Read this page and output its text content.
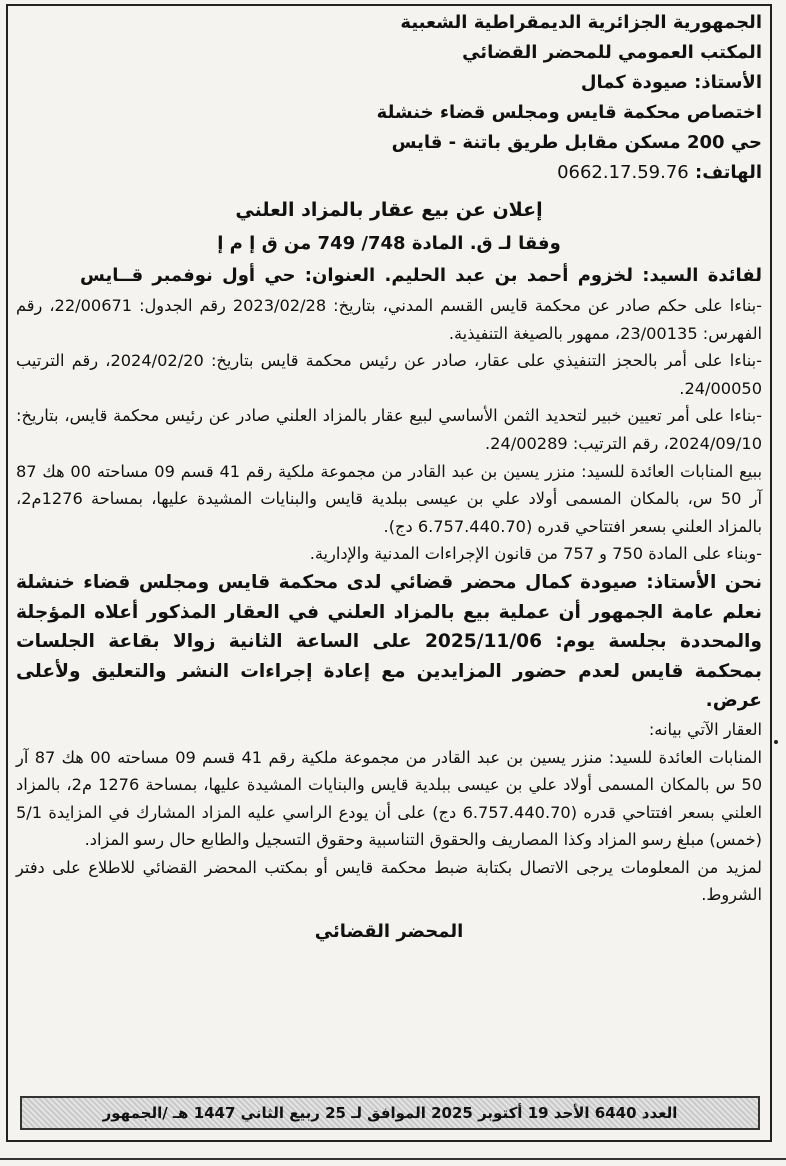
الجمهورية الجزائرية الديمقراطية الشعبية
المكتب العمومي للمحضر القضائي
الأستاذ: صيودة كمال
اختصاص محكمة قايس ومجلس قضاء خنشلة
حي 200 مسكن مقابل طريق باتنة - قايس
الهاتف: 0662.17.59.76
إعلان عن بيع عقار بالمزاد العلني
وفقا لـ ق. المادة 748/ 749 من ق إ م إ
لفائدة السيد: لخزوم أحمد بن عبد الحليم. العنوان: حي أول نوفمبر قــايس
-بناءا على حكم صادر عن محكمة قايس القسم المدني، بتاريخ: 2023/02/28 رقم الجدول: 22/00671، رقم الفهرس: 23/00135، ممهور بالصيغة التنفيذية.
-بناءا على أمر بالحجز التنفيذي على عقار، صادر عن رئيس محكمة قايس بتاريخ: 2024/02/20، رقم الترتيب 24/00050.
-بناءا على أمر تعيين خبير لتحديد الثمن الأساسي لبيع عقار بالمزاد العلني صادر عن رئيس محكمة قايس، بتاريخ: 2024/09/10، رقم الترتيب: 24/00289.
ببيع المنابات العائدة للسيد: منزر يسين بن عبد القادر من مجموعة ملكية رقم 41 قسم 09 مساحته 00 هك 87 آر 50 س، بالمكان المسمى أولاد علي بن عيسى ببلدية قايس والبنايات المشيدة عليها، بمساحة 1276م2، بالمزاد العلني بسعر افتتاحي قدره (6.757.440.70 دج).
-وبناء على المادة 750 و 757 من قانون الإجراءات المدنية والإدارية.
نحن الأستاذ: صيودة كمال محضر قضائي لدى محكمة قايس ومجلس قضاء خنشلة نعلم عامة الجمهور أن عملية بيع بالمزاد العلني في العقار المذكور أعلاه المؤجلة والمحددة بجلسة يوم: 2025/11/06 على الساعة الثانية زوالا بقاعة الجلسات بمحكمة قايس لعدم حضور المزايدين مع إعادة إجراءات النشر والتعليق ولأعلى عرض.
العقار الآتي بيانه:
المنابات العائدة للسيد: منزر يسين بن عبد القادر من مجموعة ملكية رقم 41 قسم 09 مساحته 00 هك 87 آر 50 س بالمكان المسمى أولاد علي بن عيسى ببلدية قايس والبنايات المشيدة عليها، بمساحة 1276 م2، بالمزاد العلني بسعر افتتاحي قدره (6.757.440.70 دج) على أن يودع الراسي عليه المزاد المشارك في المزايدة 5/1 (خمس) مبلغ رسو المزاد وكذا المصاريف والحقوق التناسبية وحقوق التسجيل والطابع حال رسو المزاد.
لمزيد من المعلومات يرجى الاتصال بكتابة ضبط محكمة قايس أو بمكتب المحضر القضائي للاطلاع على دفتر الشروط.
المحضر القضائي
العدد 6440 الأحد 19 أكتوبر 2025 الموافق لـ 25 ربيع الثاني 1447 هـ /الجمهور
